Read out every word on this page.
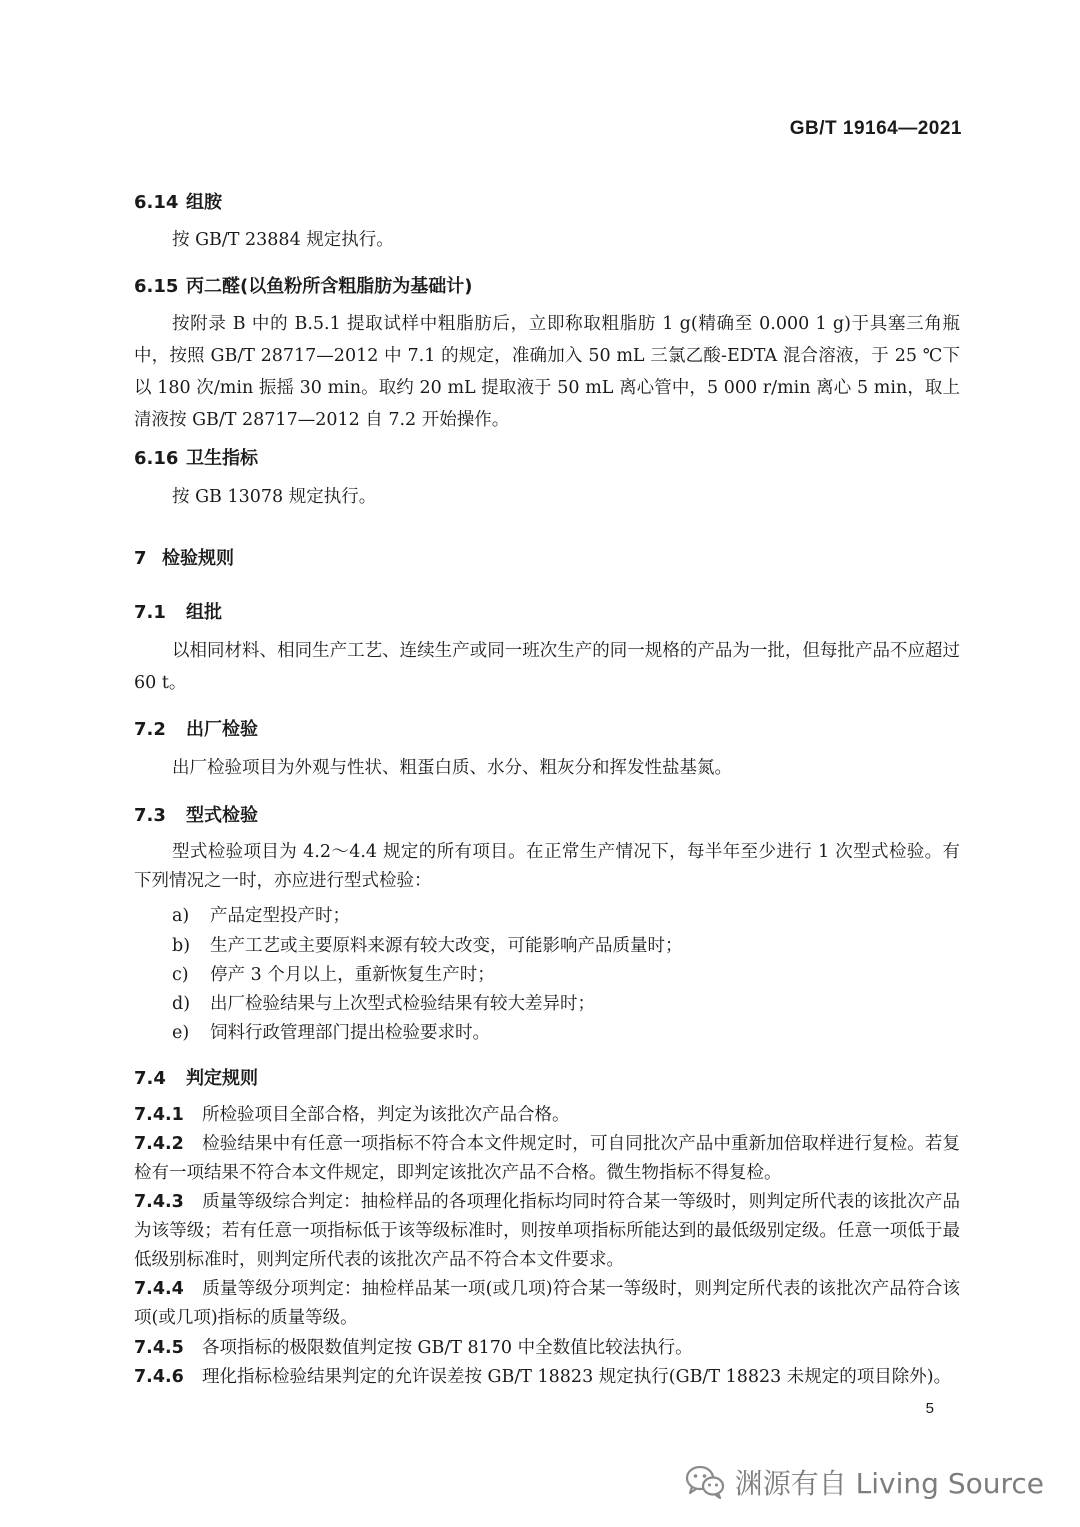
GB/T 19164—2021
6.14 组胺
按 GB/T 23884 规定执行。
6.15 丙二醛(以鱼粉所含粗脂肪为基础计)
按附录 B 中的 B.5.1 提取试样中粗脂肪后，立即称取粗脂肪 1 g(精确至 0.000 1 g)于具塞三角瓶中，按照 GB/T 28717—2012 中 7.1 的规定，准确加入 50 mL 三氯乙酸-EDTA 混合溶液，于 25 ℃下以 180 次/min 振摇 30 min。取约 20 mL 提取液于 50 mL 离心管中，5 000 r/min 离心 5 min，取上清液按 GB/T 28717—2012 自 7.2 开始操作。
6.16 卫生指标
按 GB 13078 规定执行。
7 检验规则
7.1 组批
以相同材料、相同生产工艺、连续生产或同一班次生产的同一规格的产品为一批，但每批产品不应超过 60 t。
7.2 出厂检验
出厂检验项目为外观与性状、粗蛋白质、水分、粗灰分和挥发性盐基氮。
7.3 型式检验
型式检验项目为 4.2～4.4 规定的所有项目。在正常生产情况下，每半年至少进行 1 次型式检验。有下列情况之一时，亦应进行型式检验：
a) 产品定型投产时；
b) 生产工艺或主要原料来源有较大改变，可能影响产品质量时；
c) 停产 3 个月以上，重新恢复生产时；
d) 出厂检验结果与上次型式检验结果有较大差异时；
e) 饲料行政管理部门提出检验要求时。
7.4 判定规则
7.4.1 所检验项目全部合格，判定为该批次产品合格。
7.4.2 检验结果中有任意一项指标不符合本文件规定时，可自同批次产品中重新加倍取样进行复检。若复检有一项结果不符合本文件规定，即判定该批次产品不合格。微生物指标不得复检。
7.4.3 质量等级综合判定：抽检样品的各项理化指标均同时符合某一等级时，则判定所代表的该批次产品为该等级；若有任意一项指标低于该等级标准时，则按单项指标所能达到的最低级别定级。任意一项低于最低级别标准时，则判定所代表的该批次产品不符合本文件要求。
7.4.4 质量等级分项判定：抽检样品某一项(或几项)符合某一等级时，则判定所代表的该批次产品符合该项(或几项)指标的质量等级。
7.4.5 各项指标的极限数值判定按 GB/T 8170 中全数值比较法执行。
7.4.6 理化指标检验结果判定的允许误差按 GB/T 18823 规定执行(GB/T 18823 未规定的项目除外)。
5
渊源有自 Living Source
